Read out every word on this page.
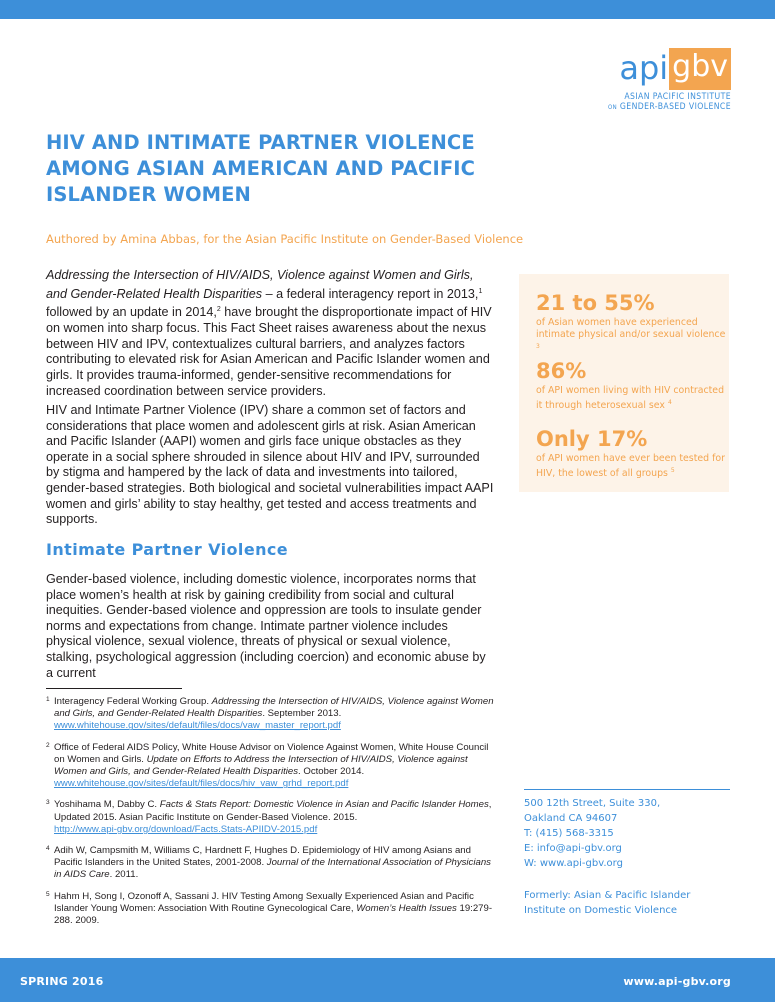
api gbv
ASIAN PACIFIC INSTITUTE
ON GENDER-BASED VIOLENCE
HIV AND INTIMATE PARTNER VIOLENCE AMONG ASIAN AMERICAN AND PACIFIC ISLANDER WOMEN
Authored by Amina Abbas, for the Asian Pacific Institute on Gender-Based Violence

Addressing the Intersection of HIV/AIDS, Violence against Women and Girls, and Gender-Related Health Disparities – a federal interagency report in 2013,$^1$ followed by an update in 2014,$^2$ have brought the disproportionate impact of HIV on women into sharp focus. This Fact Sheet raises awareness about the nexus between HIV and IPV, contextualizes cultural barriers, and analyzes factors contributing to elevated risk for Asian American and Pacific Islander women and girls. It provides trauma-informed, gender-sensitive recommendations for increased coordination between service providers.

HIV and Intimate Partner Violence (IPV) share a common set of factors and considerations that place women and adolescent girls at risk. Asian American and Pacific Islander (AAPI) women and girls face unique obstacles as they operate in a social sphere shrouded in silence about HIV and IPV, surrounded by stigma and hampered by the lack of data and investments into tailored, gender-based strategies. Both biological and societal vulnerabilities impact AAPI women and girls’ ability to stay healthy, get tested and access treatments and supports.

Intimate Partner Violence

Gender-based violence, including domestic violence, incorporates norms that place women’s health at risk by gaining credibility from social and cultural inequities. Gender-based violence and oppression are tools to insulate gender norms and expectations from change. Intimate partner violence includes physical violence, sexual violence, threats of physical or sexual violence, stalking, psychological aggression (including coercion) and economic abuse by a current

21 to 55%
of Asian women have experienced intimate physical and/or sexual violence $^3$
86%
of API women living with HIV contracted it through heterosexual sex $^4$
Only 17%
of API women have ever been tested for HIV, the lowest of all groups $^5$
1 Interagency Federal Working Group. Addressing the Intersection of HIV/AIDS, Violence against Women and Girls, and Gender-Related Health Disparities. September 2013.
www.whitehouse.gov/sites/default/files/docs/vaw_master_report.pdf
2 Office of Federal AIDS Policy, White House Advisor on Violence Against Women, White House Council on Women and Girls. Update on Efforts to Address the Intersection of HIV/AIDS, Violence against Women and Girls, and Gender-Related Health Disparities. October 2014.
www.whitehouse.gov/sites/default/files/docs/hiv_vaw_grhd_report.pdf
3 Yoshihama M, Dabby C. Facts & Stats Report: Domestic Violence in Asian and Pacific Islander Homes, Updated 2015. Asian Pacific Institute on Gender-Based Violence. 2015.
http://www.api-gbv.org/download/Facts.Stats-APIIDV-2015.pdf
4 Adih W, Campsmith M, Williams C, Hardnett F, Hughes D. Epidemiology of HIV among Asians and Pacific Islanders in the United States, 2001-2008. Journal of the International Association of Physicians in AIDS Care. 2011.
5 Hahm H, Song I, Ozonoff A, Sassani J. HIV Testing Among Sexually Experienced Asian and Pacific Islander Young Women: Association With Routine Gynecological Care, Women’s Health Issues 19:279-288. 2009.
500 12th Street, Suite 330,
Oakland CA 94607
T: (415) 568-3315
E: info@api-gbv.org
W: www.api-gbv.org
Formerly: Asian & Pacific Islander
Institute on Domestic Violence
SPRING 2016	www.api-gbv.org
